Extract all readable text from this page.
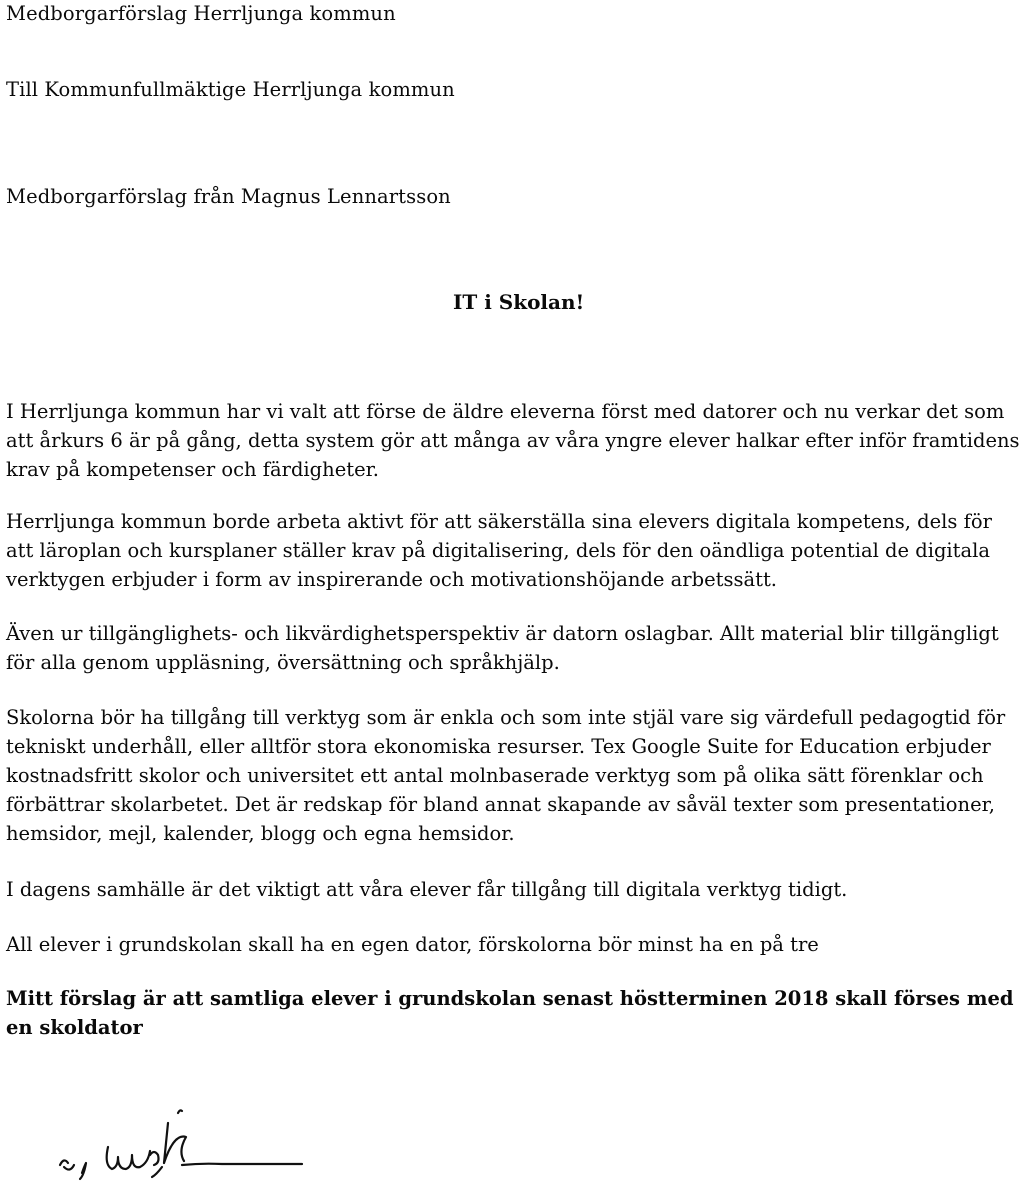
Medborgarförslag Herrljunga kommun

Till Kommunfullmäktige Herrljunga kommun

Medborgarförslag från Magnus Lennartsson

IT i Skolan!

I Herrljunga kommun har vi valt att förse de äldre eleverna först med datorer och nu verkar det som att årkurs 6 är på gång, detta system gör att många av våra yngre elever halkar efter inför framtidens krav på kompetenser och färdigheter.

Herrljunga kommun borde arbeta aktivt för att säkerställa sina elevers digitala kompetens, dels för att läroplan och kursplaner ställer krav på digitalisering, dels för den oändliga potential de digitala verktygen erbjuder i form av inspirerande och motivationshöjande arbetssätt.

Även ur tillgänglighets- och likvärdighetsperspektiv är datorn oslagbar. Allt material blir tillgängligt för alla genom uppläsning, översättning och språkhjälp.

Skolorna bör ha tillgång till verktyg som är enkla och som inte stjäl vare sig värdefull pedagogtid för tekniskt underhåll, eller alltför stora ekonomiska resurser. Tex Google Suite for Education erbjuder kostnadsfritt skolor och universitet ett antal molnbaserade verktyg som på olika sätt förenklar och förbättrar skolarbetet. Det är redskap för bland annat skapande av såväl texter som presentationer, hemsidor, mejl, kalender, blogg och egna hemsidor.

I dagens samhälle är det viktigt att våra elever får tillgång till digitala verktyg tidigt.

All elever i grundskolan skall ha en egen dator, förskolorna bör minst ha en på tre

Mitt förslag är att samtliga elever i grundskolan senast höstterminen 2018 skall förses med en skoldator
